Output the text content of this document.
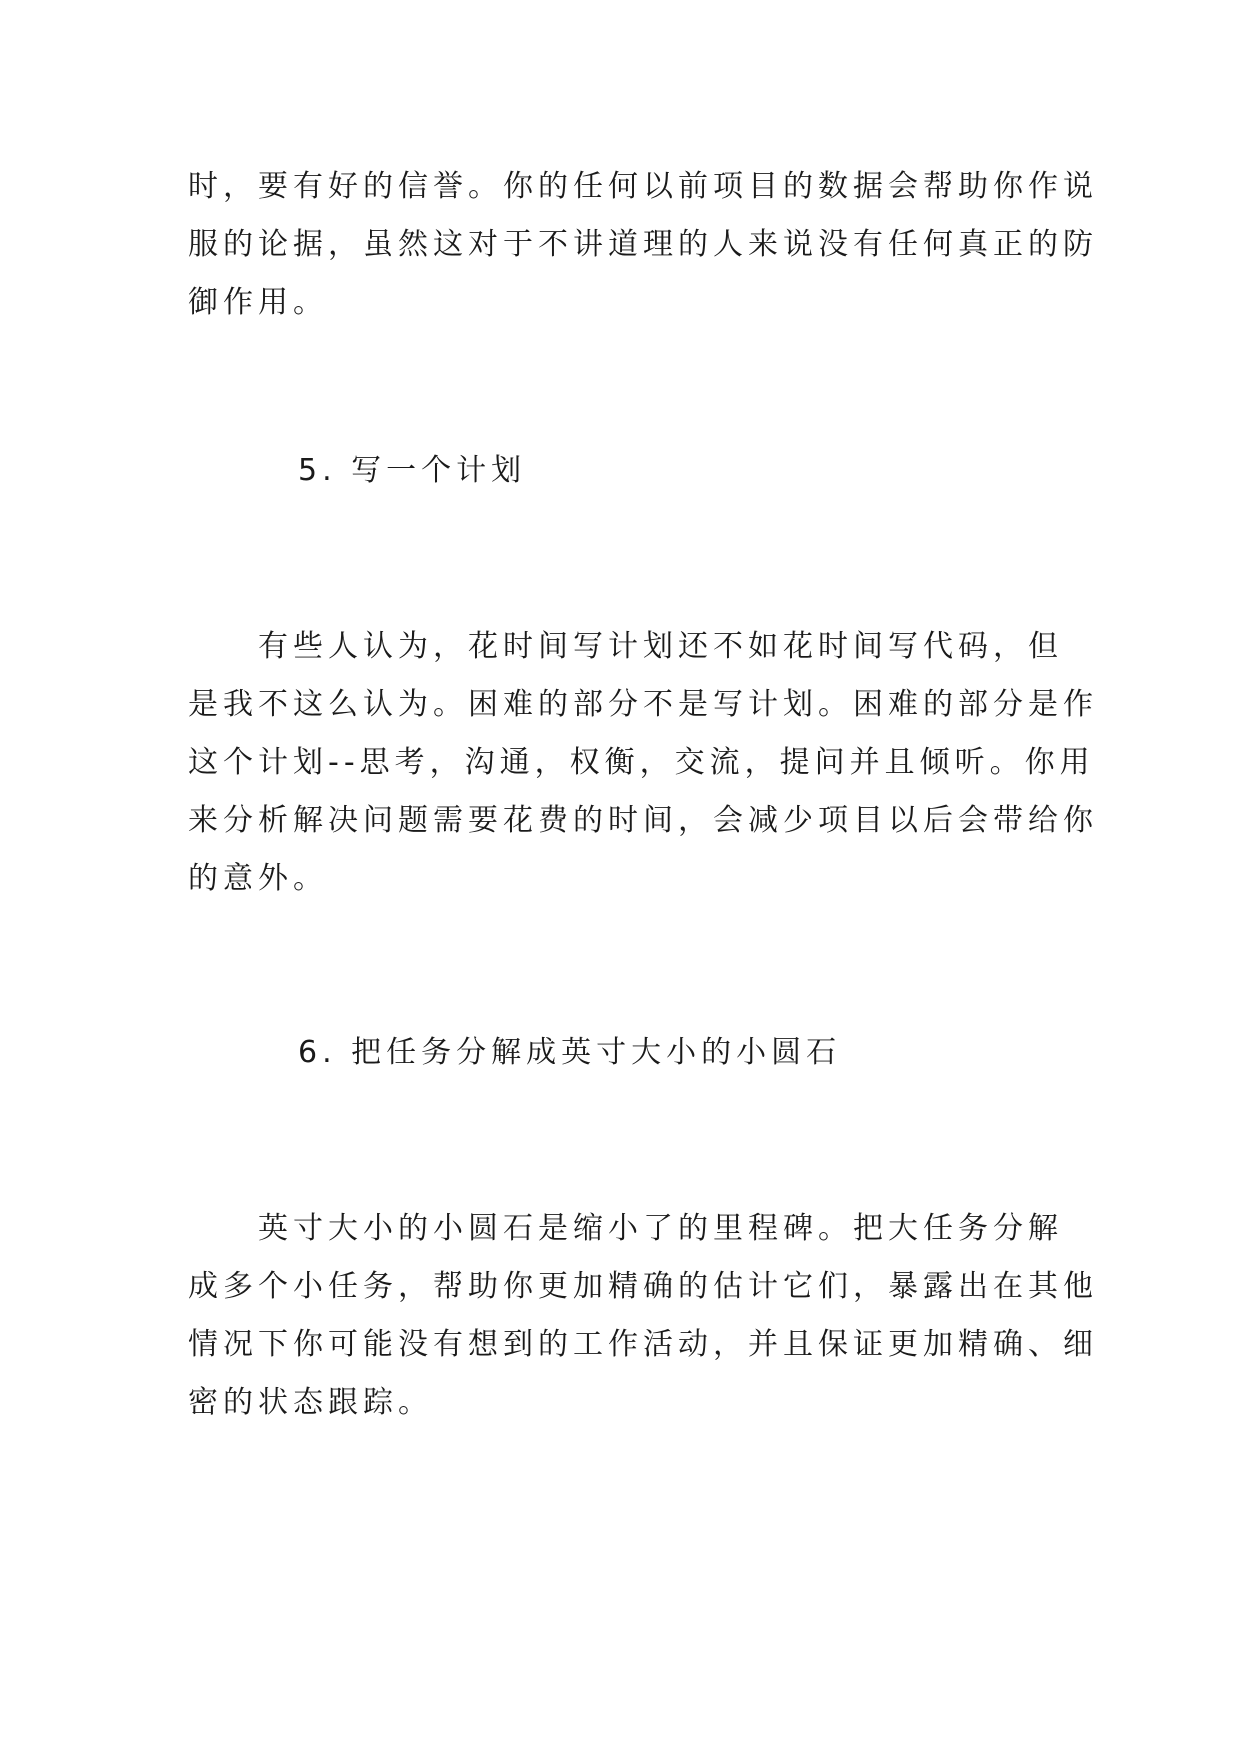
时，要有好的信誉。你的任何以前项目的数据会帮助你作说
服的论据，虽然这对于不讲道理的人来说没有任何真正的防
御作用。
5. 写一个计划
　　有些人认为，花时间写计划还不如花时间写代码，但
是我不这么认为。困难的部分不是写计划。困难的部分是作
这个计划--思考，沟通，权衡，交流，提问并且倾听。你用
来分析解决问题需要花费的时间，会减少项目以后会带给你
的意外。
6. 把任务分解成英寸大小的小圆石
　　英寸大小的小圆石是缩小了的里程碑。把大任务分解
成多个小任务，帮助你更加精确的估计它们，暴露出在其他
情况下你可能没有想到的工作活动，并且保证更加精确、细
密的状态跟踪。
